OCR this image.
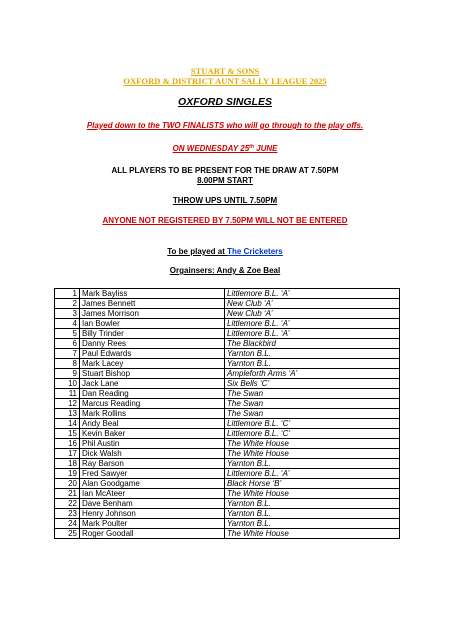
STUART & SONS
OXFORD & DISTRICT AUNT SALLY LEAGUE 2025
OXFORD SINGLES
Played down to the TWO FINALISTS who will go through to the play offs.
ON WEDNESDAY 25th JUNE
ALL PLAYERS TO BE PRESENT FOR THE DRAW AT 7.50PM
8.00PM START
THROW UPS UNTIL 7.50PM
ANYONE NOT REGISTERED BY 7.50PM WILL NOT BE ENTERED
To be played at The Cricketers
Orgainsers: Andy & Zoe Beal
1	Mark Bayliss	Littlemore B.L. ‘A’
2	James Bennett	New Club ‘A’
3	James Morrison	New Club ‘A’
4	Ian Bowler	Littlemore B.L. ‘A’
5	Billy Trinder	Littlemore B.L. ‘A’
6	Danny Rees	The Blackbird
7	Paul Edwards	Yarnton B.L.
8	Mark Lacey	Yarnton B.L.
9	Stuart Bishop	Ampleforth Arms ‘A’
10	Jack Lane	Six Bells ‘C’
11	Dan Reading	The Swan
12	Marcus Reading	The Swan
13	Mark Rollins	The Swan
14	Andy Beal	Littlemore B.L. ‘C’
15	Kevin Baker	Littlemore B.L. ‘C’
16	Phil Austin	The White House
17	Dick Walsh	The White House
18	Ray Barson	Yarnton B.L.
19	Fred Sawyer	Littlemore B.L. ‘A’
20	Alan Goodgame	Black Horse ‘B’
21	Ian McAteer	The White House
22	Dave Benham	Yarnton B.L.
23	Henry Johnson	Yarnton B.L.
24	Mark Poulter	Yarnton B.L.
25	Roger Goodall	The White House
